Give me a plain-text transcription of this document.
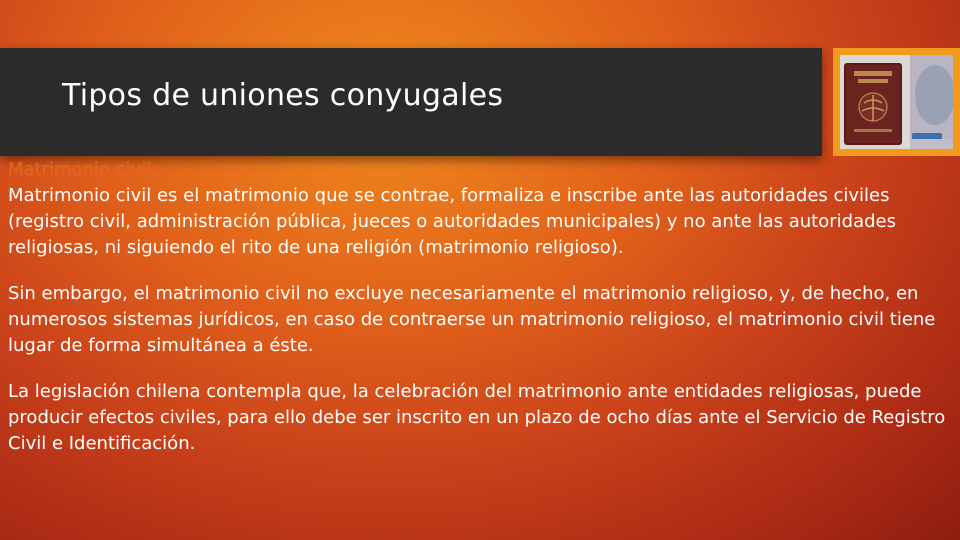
Tipos de uniones conyugales

Matrimonio civil:

Matrimonio civil es el matrimonio que se contrae, formaliza e inscribe ante las autoridades civiles (registro civil, administración pública, jueces o autoridades municipales) y no ante las autoridades religiosas, ni siguiendo el rito de una religión (matrimonio religioso).

Sin embargo, el matrimonio civil no excluye necesariamente el matrimonio religioso, y, de hecho, en numerosos sistemas jurídicos, en caso de contraerse un matrimonio religioso, el matrimonio civil tiene lugar de forma simultánea a éste.

La legislación chilena contempla que, la celebración del matrimonio ante entidades religiosas, puede producir efectos civiles, para ello debe ser inscrito en un plazo de ocho días ante el Servicio de Registro Civil e Identificación.
